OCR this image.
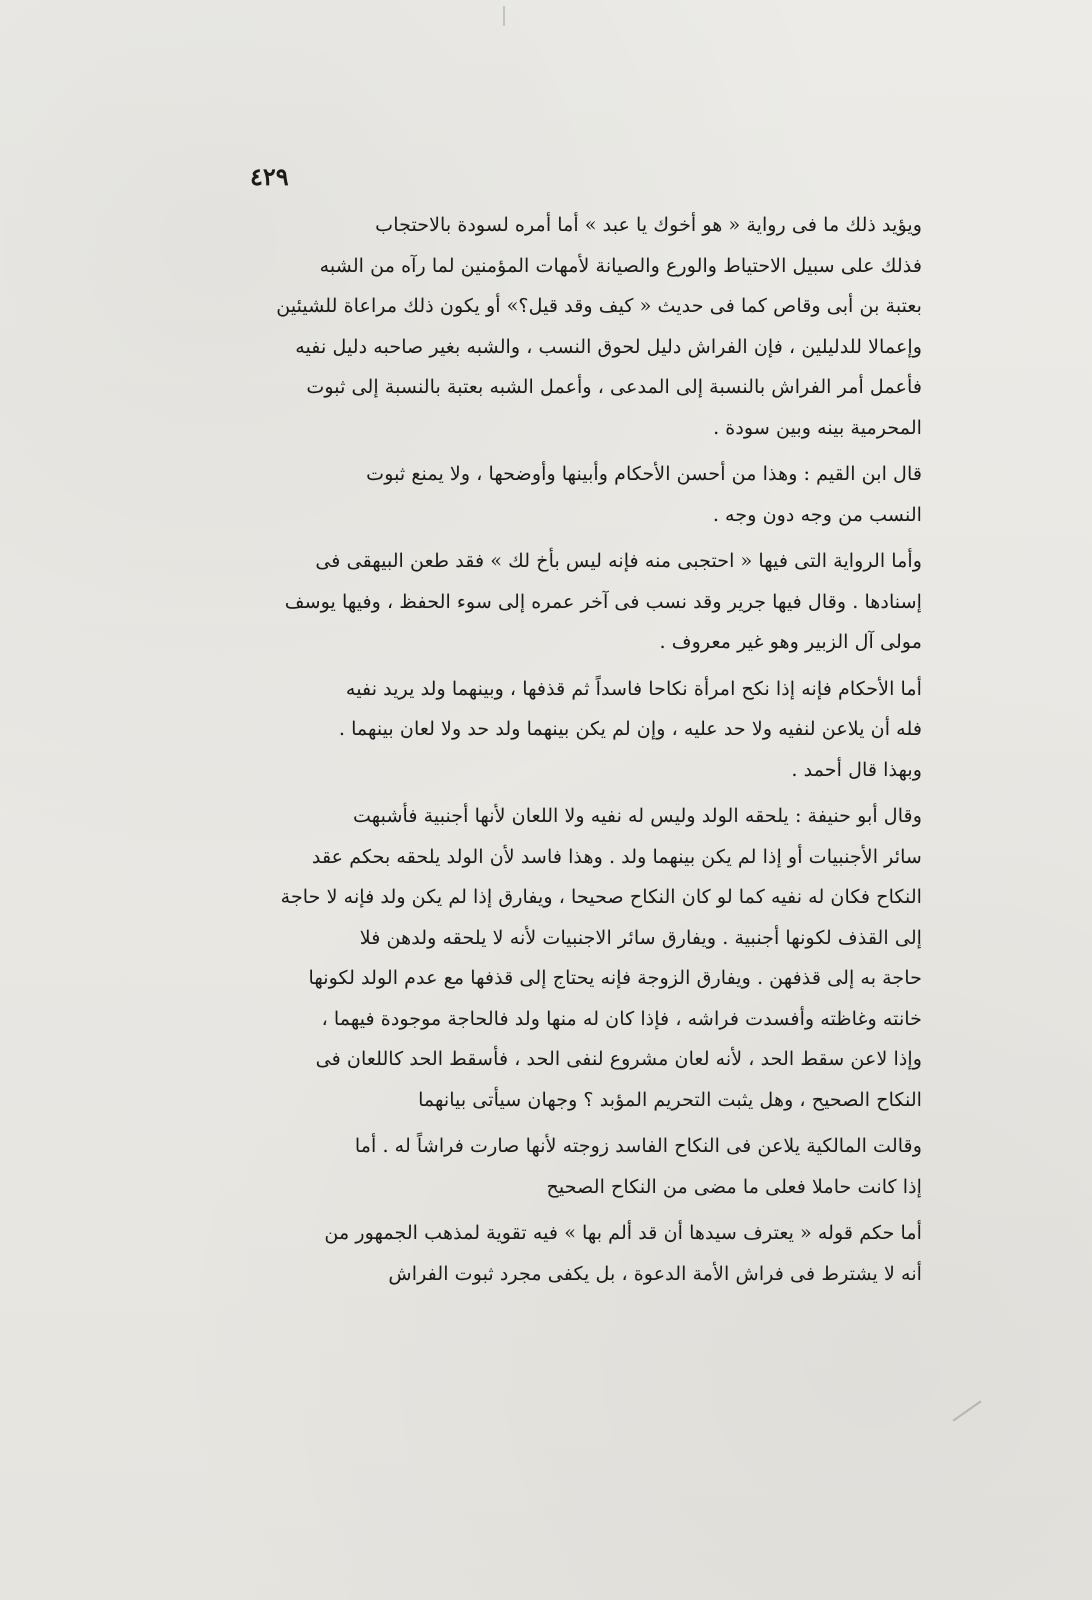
٤٢٩

ويؤيد ذلك ما فى رواية « هو أخوك يا عبد » أما أمره لسودة بالاحتجاب
فذلك على سبيل الاحتياط والورع والصيانة لأمهات المؤمنين لما رآه من الشبه
بعتبة بن أبى وقاص كما فى حديث « كيف وقد قيل؟» أو يكون ذلك مراعاة للشيئين
وإعمالا للدليلين ، فإن الفراش دليل لحوق النسب ، والشبه بغير صاحبه دليل نفيه
فأعمل أمر الفراش بالنسبة إلى المدعى ، وأعمل الشبه بعتبة بالنسبة إلى ثبوت
المحرمية بينه وبين سودة .

قال ابن القيم : وهذا من أحسن الأحكام وأبينها وأوضحها ، ولا يمنع ثبوت
النسب من وجه دون وجه .

وأما الرواية التى فيها « احتجبى منه فإنه ليس بأخ لك » فقد طعن البيهقى فى
إسنادها . وقال فيها جرير وقد نسب فى آخر عمره إلى سوء الحفظ ، وفيها يوسف
مولى آل الزبير وهو غير معروف .

أما الأحكام فإنه إذا نكح امرأة نكاحا فاسداً ثم قذفها ، وبينهما ولد يريد نفيه
فله أن يلاعن لنفيه ولا حد عليه ، وإن لم يكن بينهما ولد حد ولا لعان بينهما .
وبهذا قال أحمد .

وقال أبو حنيفة : يلحقه الولد وليس له نفيه ولا اللعان لأنها أجنبية فأشبهت
سائر الأجنبيات أو إذا لم يكن بينهما ولد . وهذا فاسد لأن الولد يلحقه بحكم عقد
النكاح فكان له نفيه كما لو كان النكاح صحيحا ، ويفارق إذا لم يكن ولد فإنه لا حاجة
إلى القذف لكونها أجنبية . ويفارق سائر الاجنبيات لأنه لا يلحقه ولدهن فلا
حاجة به إلى قذفهن . ويفارق الزوجة فإنه يحتاج إلى قذفها مع عدم الولد لكونها
خانته وغاظته وأفسدت فراشه ، فإذا كان له منها ولد فالحاجة موجودة فيهما ،
وإذا لاعن سقط الحد ، لأنه لعان مشروع لنفى الحد ، فأسقط الحد كاللعان فى
النكاح الصحيح ، وهل يثبت التحريم المؤبد ؟ وجهان سيأتى بيانهما

وقالت المالكية يلاعن فى النكاح الفاسد زوجته لأنها صارت فراشاً له . أما
إذا كانت حاملا فعلى ما مضى من النكاح الصحيح

أما حكم قوله « يعترف سيدها أن قد ألم بها » فيه تقوية لمذهب الجمهور من
أنه لا يشترط فى فراش الأمة الدعوة ، بل يكفى مجرد ثبوت الفراش
